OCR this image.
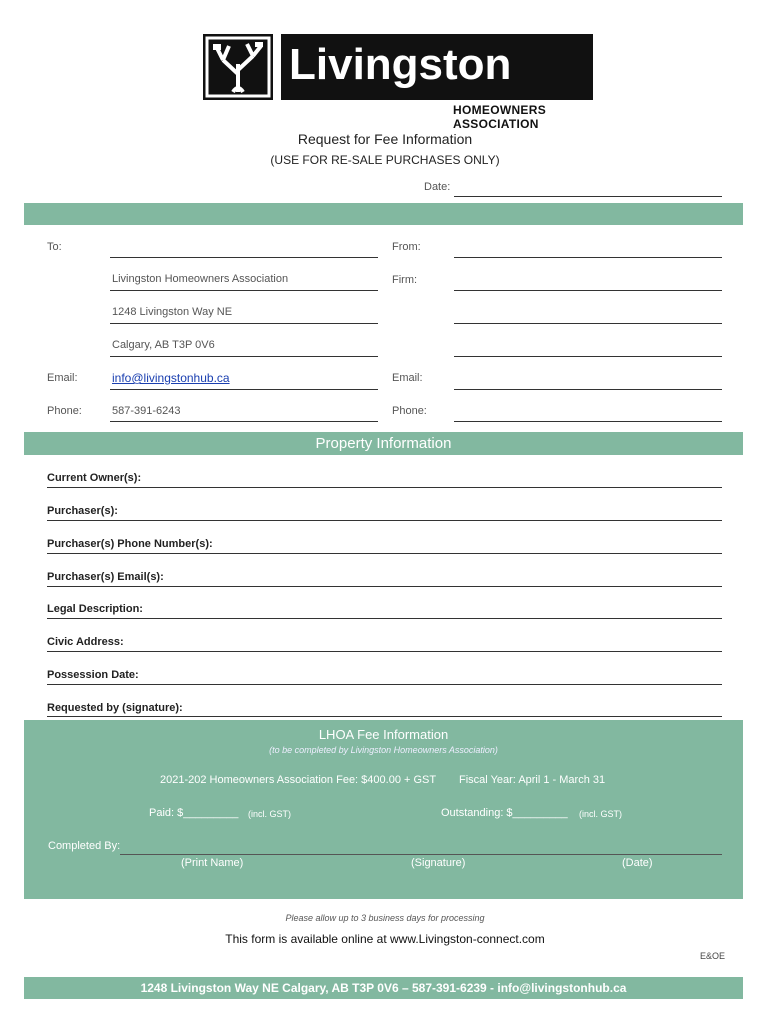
Livingston
HOMEOWNERS ASSOCIATION
Request for Fee Information
(USE FOR RE-SALE PURCHASES ONLY)
Date:
To:	From:
Livingston Homeowners Association	Firm:
1248 Livingston Way NE
Calgary, AB T3P 0V6
Email:	info@livingstonhub.ca	Email:
Phone:	587-391-6243	Phone:
Property Information
Current Owner(s):
Purchaser(s):
Purchaser(s) Phone Number(s):
Purchaser(s) Email(s):
Legal Description:
Civic Address:
Possession Date:
Requested by (signature):
LHOA Fee Information
(to be completed by Livingston Homeowners Association)
2021-202 Homeowners Association Fee: $400.00 + GST Fiscal Year: April 1 - March 31
Paid: $_________ (incl. GST)	Outstanding: $_________ (incl. GST)
Completed By:
(Print Name)	(Signature)	(Date)
Please allow up to 3 business days for processing
This form is available online at www.Livingston-connect.com
E&OE
1248 Livingston Way NE Calgary, AB T3P 0V6 – 587-391-6239 - info@livingstonhub.ca
